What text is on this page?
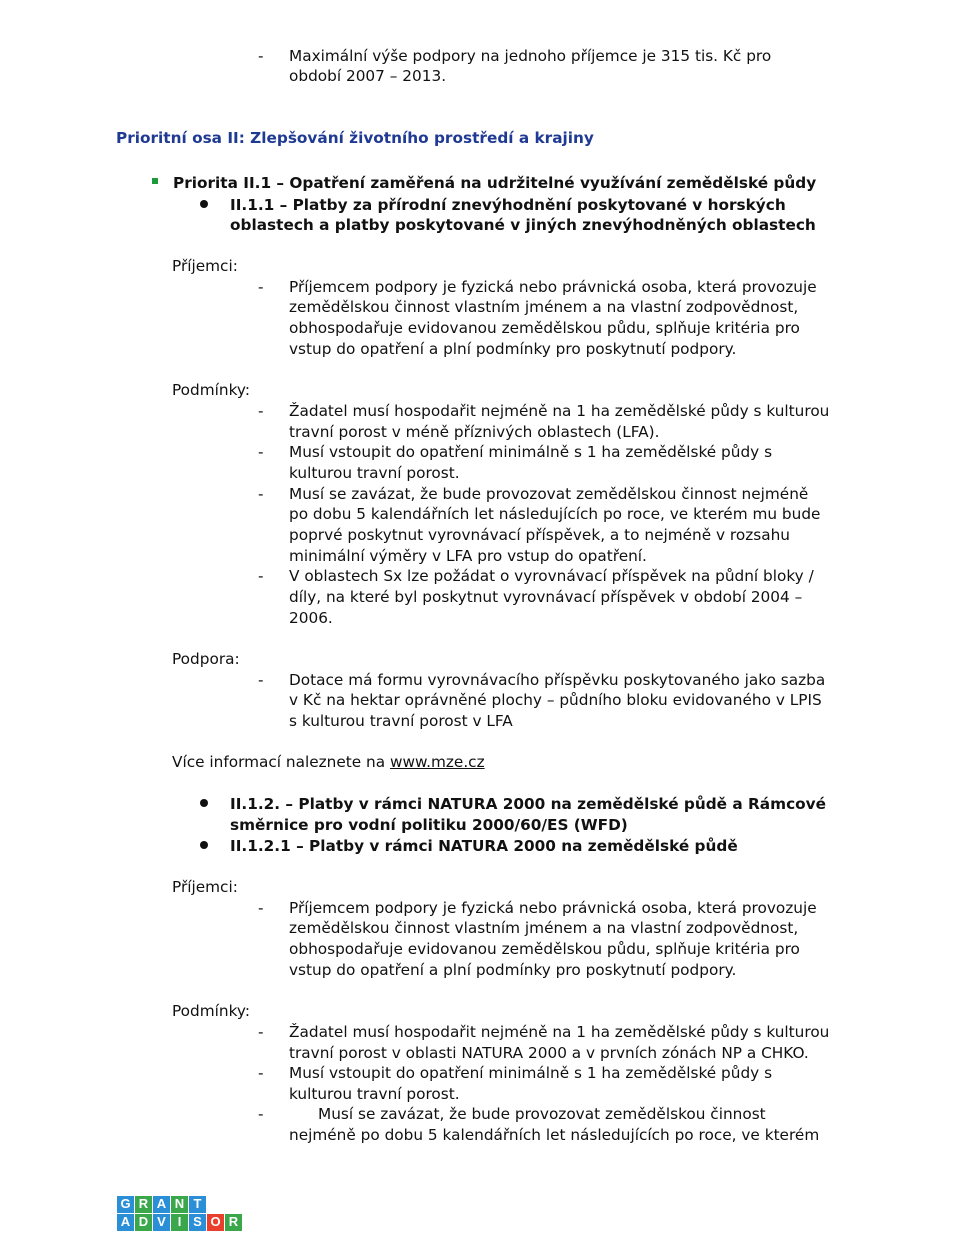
- Maximální výše podpory na jednoho příjemce je 315 tis. Kč pro
období 2007 – 2013.
Prioritní osa II: Zlepšování životního prostředí a krajiny
Priorita II.1 – Opatření zaměřená na udržitelné využívání zemědělské půdy
II.1.1 – Platby za přírodní znevýhodnění poskytované v horských
oblastech a platby poskytované v jiných znevýhodněných oblastech
Příjemci:
- Příjemcem podpory je fyzická nebo právnická osoba, která provozuje
zemědělskou činnost vlastním jménem a na vlastní zodpovědnost,
obhospodařuje evidovanou zemědělskou půdu, splňuje kritéria pro
vstup do opatření a plní podmínky pro poskytnutí podpory.
Podmínky:
- Žadatel musí hospodařit nejméně na 1 ha zemědělské půdy s kulturou
travní porost v méně příznivých oblastech (LFA).
- Musí vstoupit do opatření minimálně s 1 ha zemědělské půdy s
kulturou travní porost.
- Musí se zavázat, že bude provozovat zemědělskou činnost nejméně
po dobu 5 kalendářních let následujících po roce, ve kterém mu bude
poprvé poskytnut vyrovnávací příspěvek, a to nejméně v rozsahu
minimální výměry v LFA pro vstup do opatření.
- V oblastech Sx lze požádat o vyrovnávací příspěvek na půdní bloky /
díly, na které byl poskytnut vyrovnávací příspěvek v období 2004 –
2006.
Podpora:
- Dotace má formu vyrovnávacího příspěvku poskytovaného jako sazba
v Kč na hektar oprávněné plochy – půdního bloku evidovaného v LPIS
s kulturou travní porost v LFA
Více informací naleznete na www.mze.cz
II.1.2. – Platby v rámci NATURA 2000 na zemědělské půdě a Rámcové
směrnice pro vodní politiku 2000/60/ES (WFD)
II.1.2.1 – Platby v rámci NATURA 2000 na zemědělské půdě
Příjemci:
- Příjemcem podpory je fyzická nebo právnická osoba, která provozuje
zemědělskou činnost vlastním jménem a na vlastní zodpovědnost,
obhospodařuje evidovanou zemědělskou půdu, splňuje kritéria pro
vstup do opatření a plní podmínky pro poskytnutí podpory.
Podmínky:
- Žadatel musí hospodařit nejméně na 1 ha zemědělské půdy s kulturou
travní porost v oblasti NATURA 2000 a v prvních zónách NP a CHKO.
- Musí vstoupit do opatření minimálně s 1 ha zemědělské půdy s
kulturou travní porost.
-	Musí se zavázat, že bude provozovat zemědělskou činnost
nejméně po dobu 5 kalendářních let následujících po roce, ve kterém
G R A N T
A D V I S O R
